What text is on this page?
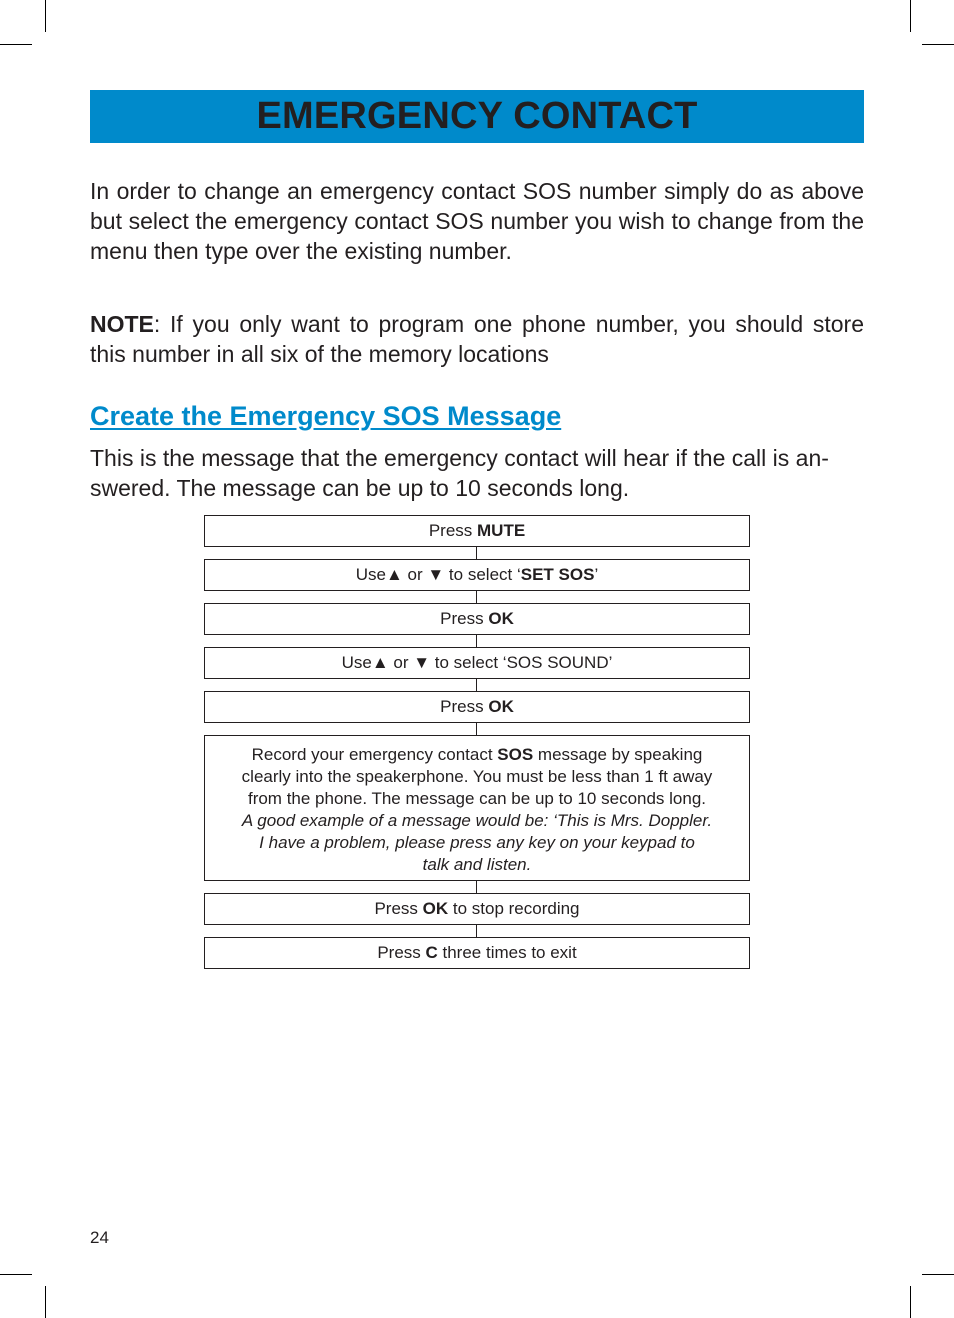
EMERGENCY CONTACT

In order to change an emergency contact SOS number simply do as above but select the emergency contact SOS number you wish to change from the menu then type over the existing number.

NOTE: If you only want to program one phone number, you should store this number in all six of the memory locations

Create the Emergency SOS Message

This is the message that the emergency contact will hear if the call is an-swered. The message can be up to 10 seconds long.

Press MUTE
Use▲ or ▼ to select ‘SET SOS’
Press OK
Use▲ or ▼ to select ‘SOS SOUND’
Press OK
Record your emergency contact SOS message by speaking
clearly into the speakerphone. You must be less than 1 ft away
from the phone. The message can be up to 10 seconds long.
A good example of a message would be: ‘This is Mrs. Doppler.
I have a problem, please press any key on your keypad to
talk and listen.
Press OK to stop recording
Press C three times to exit
24
